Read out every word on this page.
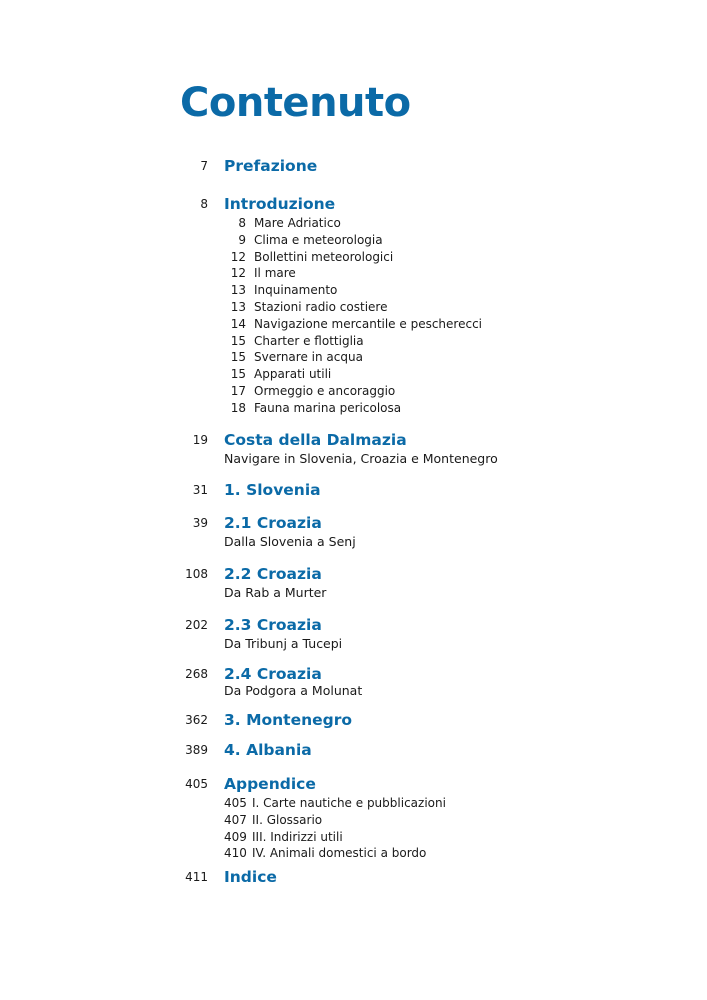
Contenuto
7 Prefazione
8 Introduzione
8 Mare Adriatico
9 Clima e meteorologia
12 Bollettini meteorologici
12 Il mare
13 Inquinamento
13 Stazioni radio costiere
14 Navigazione mercantile e pescherecci
15 Charter e flottiglia
15 Svernare in acqua
15 Apparati utili
17 Ormeggio e ancoraggio
18 Fauna marina pericolosa
19 Costa della Dalmazia
Navigare in Slovenia, Croazia e Montenegro
31 1. Slovenia
39 2.1 Croazia
Dalla Slovenia a Senj
108 2.2 Croazia
Da Rab a Murter
202 2.3 Croazia
Da Tribunj a Tucepi
268 2.4 Croazia
Da Podgora a Molunat
362 3. Montenegro
389 4. Albania
405 Appendice
405 I. Carte nautiche e pubblicazioni
407 II. Glossario
409 III. Indirizzi utili
410 IV. Animali domestici a bordo
411 Indice
